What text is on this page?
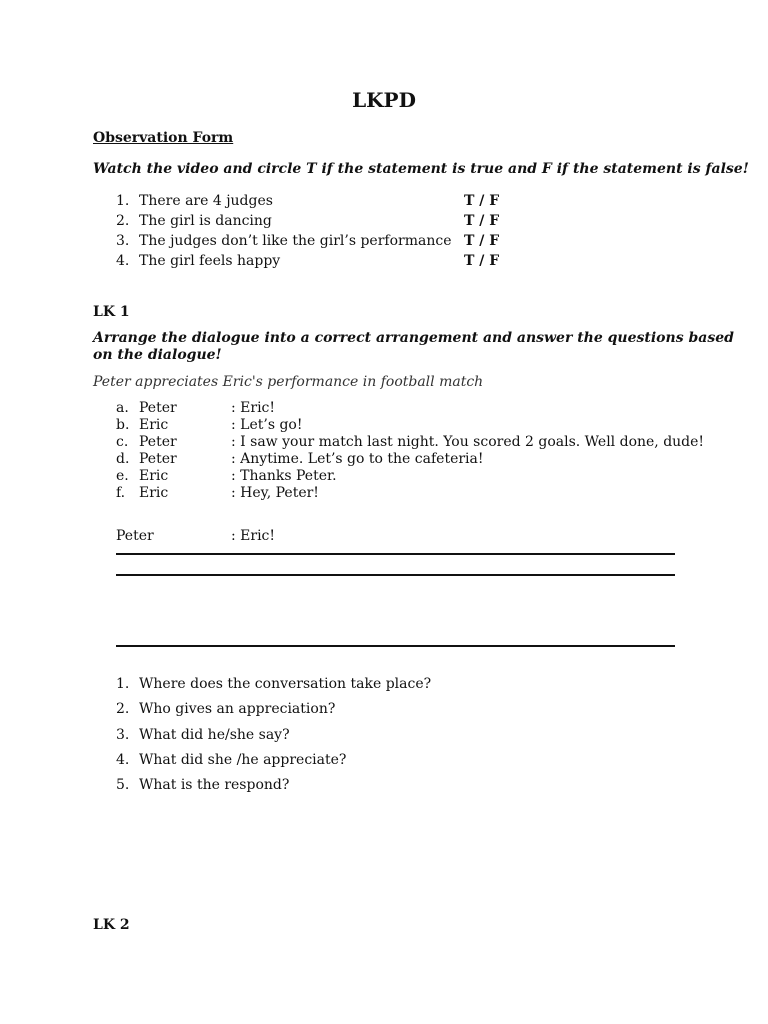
LKPD
Observation Form
Watch the video and circle T if the statement is true and F if the statement is false!
1. There are 4 judges	T / F
2. The girl is dancing	T / F
3. The judges don’t like the girl’s performance T / F
4. The girl feels happy	T / F
LK 1
Arrange the dialogue into a correct arrangement and answer the questions based
on the dialogue!
Peter appreciates Eric's performance in football match
a. Peter	: Eric!
b. Eric	: Let’s go!
c. Peter	: I saw your match last night. You scored 2 goals. Well done, dude!
d. Peter	: Anytime. Let’s go to the cafeteria!
e. Eric	: Thanks Peter.
f. Eric	: Hey, Peter!
Peter	: Eric!
1. Where does the conversation take place?
2. Who gives an appreciation?
3. What did he/she say?
4. What did she /he appreciate?
5. What is the respond?
LK 2
